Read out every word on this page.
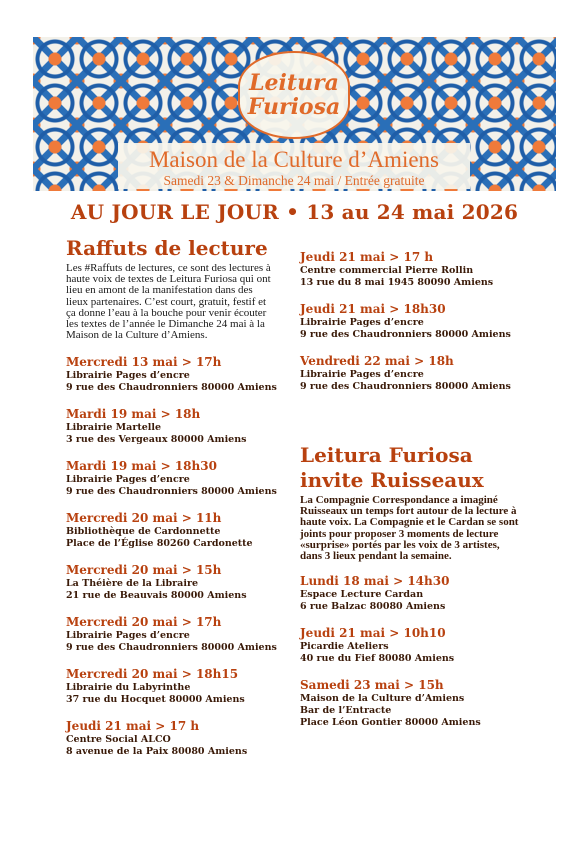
Leitura
Furiosa
Maison de la Culture d’Amiens
Samedi 23 & Dimanche 24 mai / Entrée gratuite
AU JOUR LE JOUR • 13 au 24 mai 2026
Raffuts de lecture
Les #Raffuts de lectures, ce sont des lectures à haute voix de textes de Leitura Furiosa qui ont lieu en amont de la manifestation dans des lieux partenaires. C’est court, gratuit, festif et ça donne l’eau à la bouche pour venir écouter les textes de l’année le Dimanche 24 mai à la Maison de la Culture d’Amiens.
Mercredi 13 mai > 17h
Librairie Pages d’encre
9 rue des Chaudronniers 80000 Amiens
Mardi 19 mai > 18h
Librairie Martelle
3 rue des Vergeaux 80000 Amiens
Mardi 19 mai > 18h30
Librairie Pages d’encre
9 rue des Chaudronniers 80000 Amiens
Mercredi 20 mai > 11h
Bibliothèque de Cardonnette
Place de l’Église 80260 Cardonette
Mercredi 20 mai > 15h
La Théière de la Libraire
21 rue de Beauvais 80000 Amiens
Mercredi 20 mai > 17h
Librairie Pages d’encre
9 rue des Chaudronniers 80000 Amiens
Mercredi 20 mai > 18h15
Librairie du Labyrinthe
37 rue du Hocquet 80000 Amiens
Jeudi 21 mai > 17 h
Centre Social ALCO
8 avenue de la Paix 80080 Amiens
Jeudi 21 mai > 17 h
Centre commercial Pierre Rollin
13 rue du 8 mai 1945 80090 Amiens
Jeudi 21 mai > 18h30
Librairie Pages d’encre
9 rue des Chaudronniers 80000 Amiens
Vendredi 22 mai > 18h
Librairie Pages d’encre
9 rue des Chaudronniers 80000 Amiens
Leitura Furiosa
invite Ruisseaux
La Compagnie Correspondance a imaginé Ruisseaux un temps fort autour de la lecture à haute voix. La Compagnie et le Cardan se sont joints pour proposer 3 moments de lecture «surprise» portés par les voix de 3 artistes, dans 3 lieux pendant la semaine.
Lundi 18 mai > 14h30
Espace Lecture Cardan
6 rue Balzac 80080 Amiens
Jeudi 21 mai > 10h10
Picardie Ateliers
40 rue du Fief 80080 Amiens
Samedi 23 mai > 15h
Maison de la Culture d’Amiens
Bar de l’Entracte
Place Léon Gontier 80000 Amiens
